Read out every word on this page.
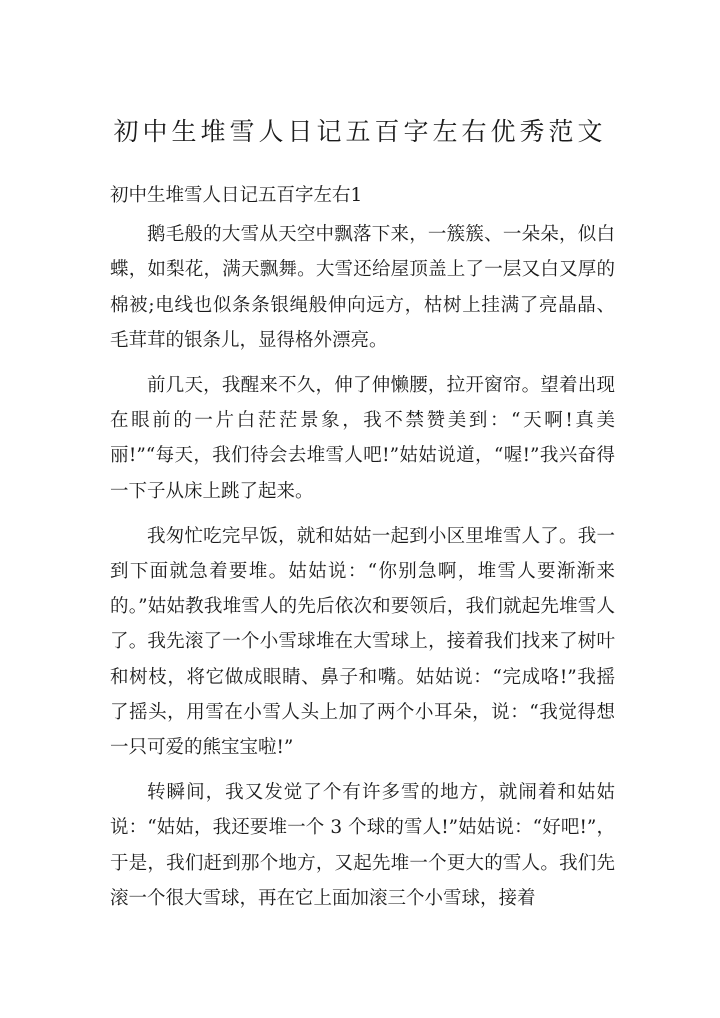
初中生堆雪人日记五百字左右优秀范文

初中生堆雪人日记五百字左右1

鹅毛般的大雪从天空中飘落下来，一簇簇、一朵朵，似白蝶，如梨花，满天飘舞。大雪还给屋顶盖上了一层又白又厚的棉被;电线也似条条银绳般伸向远方，枯树上挂满了亮晶晶、毛茸茸的银条儿，显得格外漂亮。

前几天，我醒来不久，伸了伸懒腰，拉开窗帘。望着出现在眼前的一片白茫茫景象，我不禁赞美到：“天啊!真美丽!”“每天，我们待会去堆雪人吧!”姑姑说道，“喔!”我兴奋得一下子从床上跳了起来。

我匆忙吃完早饭，就和姑姑一起到小区里堆雪人了。我一到下面就急着要堆。姑姑说：“你别急啊，堆雪人要渐渐来的。”姑姑教我堆雪人的先后依次和要领后，我们就起先堆雪人了。我先滚了一个小雪球堆在大雪球上，接着我们找来了树叶和树枝，将它做成眼睛、鼻子和嘴。姑姑说：“完成咯!”我摇了摇头，用雪在小雪人头上加了两个小耳朵，说：“我觉得想一只可爱的熊宝宝啦!”

转瞬间，我又发觉了个有许多雪的地方，就闹着和姑姑说：“姑姑，我还要堆一个 3 个球的雪人!”姑姑说：“好吧!”，于是，我们赶到那个地方，又起先堆一个更大的雪人。我们先滚一个很大雪球，再在它上面加滚三个小雪球，接着
